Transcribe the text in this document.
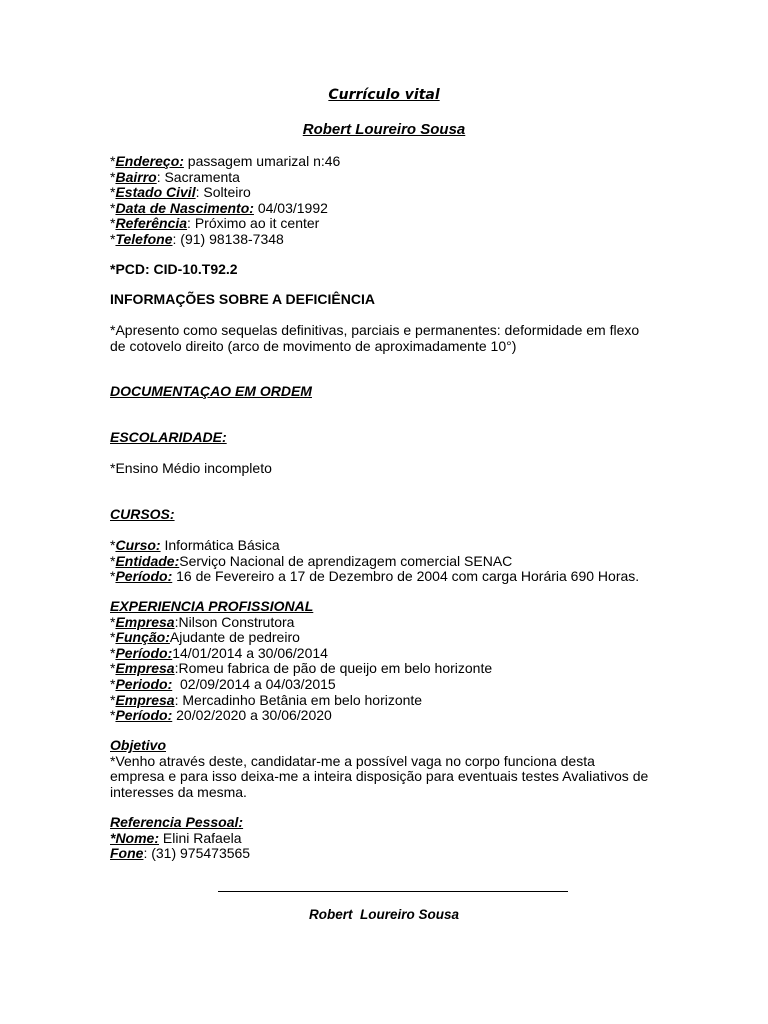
Currículo vital
Robert Loureiro Sousa
*Endereço: passagem umarizal n:46
*Bairro: Sacramenta
*Estado Civil: Solteiro
*Data de Nascimento: 04/03/1992
*Referência: Próximo ao it center
*Telefone: (91) 98138-7348
*PCD: CID-10.T92.2
INFORMAÇÕES SOBRE A DEFICIÊNCIA
*Apresento como sequelas definitivas, parciais e permanentes: deformidade em flexo
de cotovelo direito (arco de movimento de aproximadamente 10°)
DOCUMENTAÇAO EM ORDEM
ESCOLARIDADE:
*Ensino Médio incompleto
CURSOS:
*Curso: Informática Básica
*Entidade:Serviço Nacional de aprendizagem comercial SENAC
*Período: 16 de Fevereiro a 17 de Dezembro de 2004 com carga Horária 690 Horas.
EXPERIENCIA PROFISSIONAL
*Empresa:Nilson Construtora
*Função:Ajudante de pedreiro
*Período:14/01/2014 a 30/06/2014
*Empresa:Romeu fabrica de pão de queijo em belo horizonte
*Periodo:  02/09/2014 a 04/03/2015
*Empresa: Mercadinho Betânia em belo horizonte
*Período: 20/02/2020 a 30/06/2020
Objetivo
*Venho através deste, candidatar-me a possível vaga no corpo funciona desta
empresa e para isso deixa-me a inteira disposição para eventuais testes Avaliativos de
interesses da mesma.
Referencia Pessoal:
*Nome: Elini Rafaela
Fone: (31) 975473565
Robert  Loureiro Sousa
